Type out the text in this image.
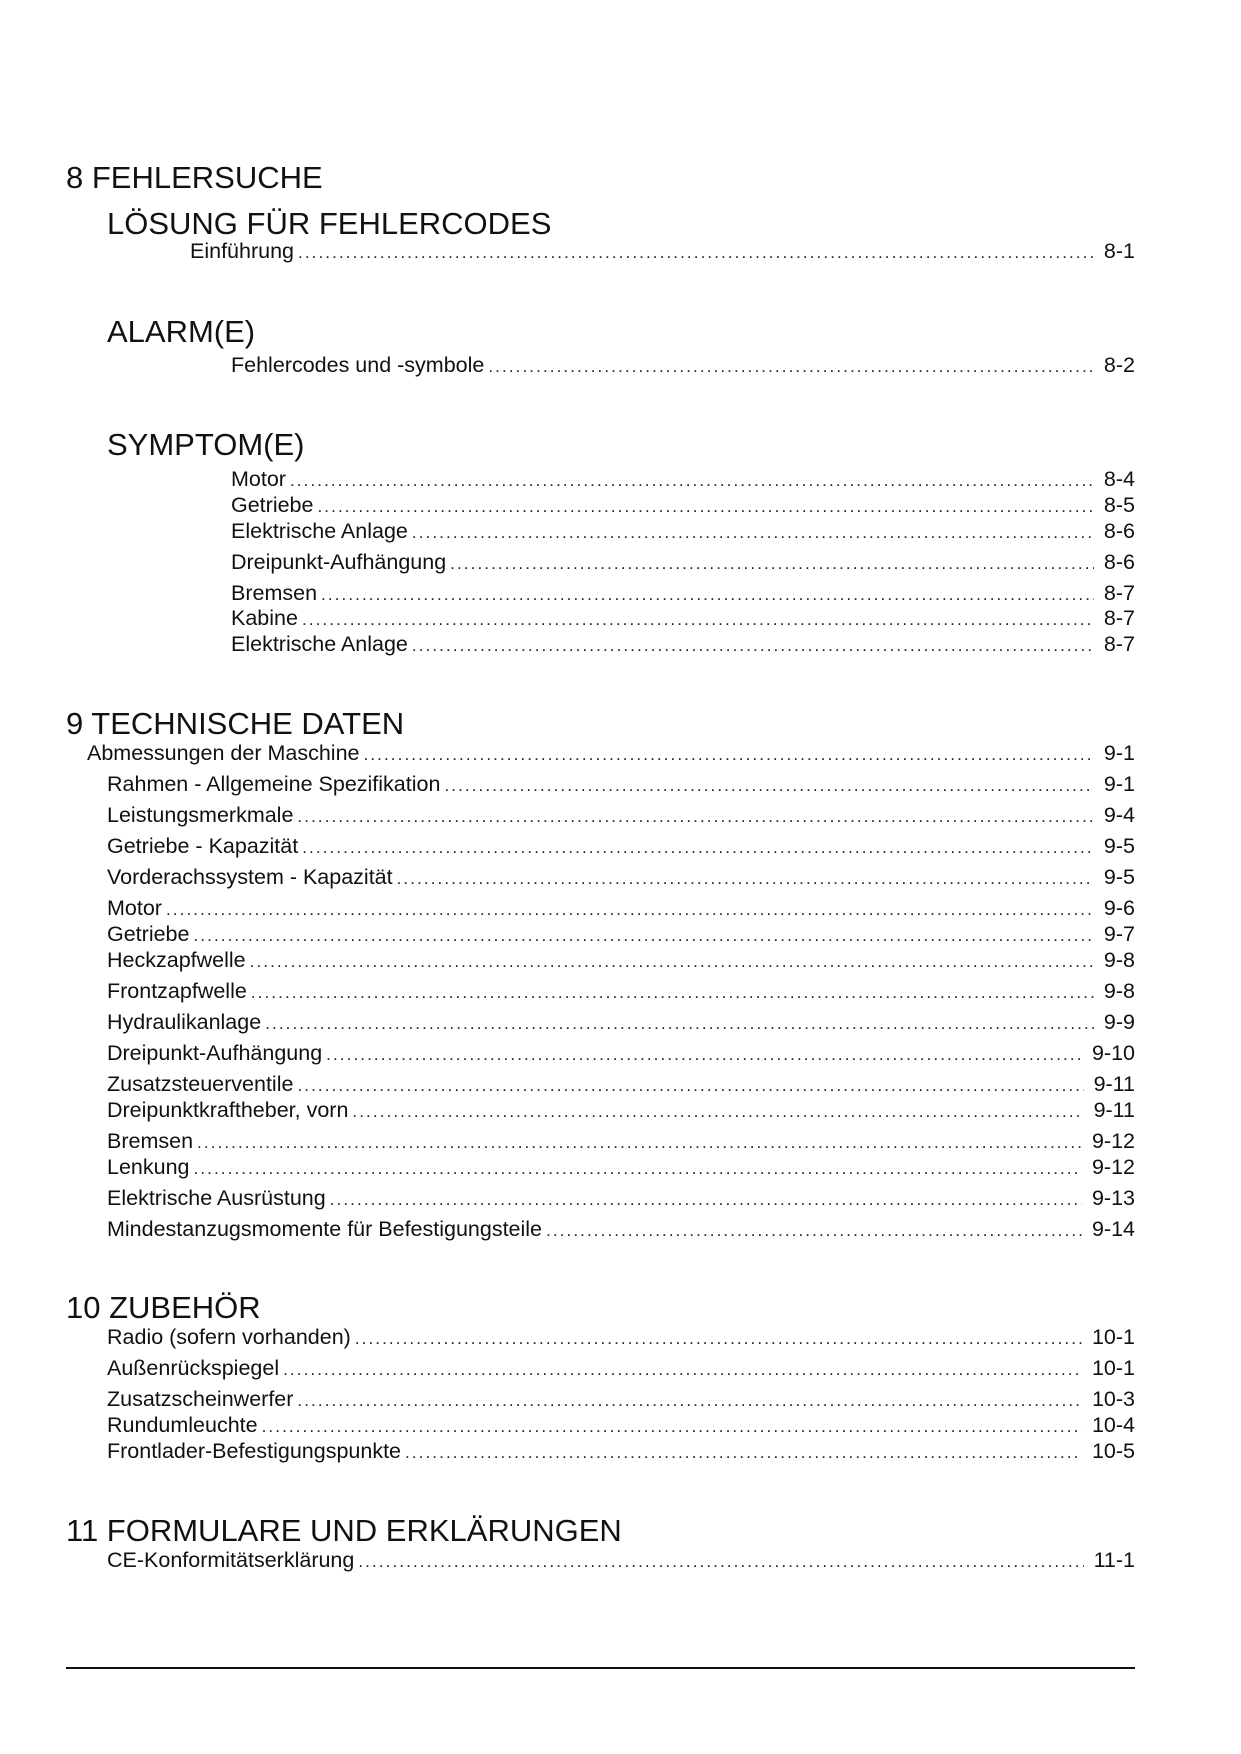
8 FEHLERSUCHE
LÖSUNG FÜR FEHLERCODES
Einführung .....	8-1
ALARM(E)
Fehlercodes und -symbole .....	8-2
SYMPTOM(E)
Motor .....	8-4
Getriebe .....	8-5
Elektrische Anlage .....	8-6
Dreipunkt-Aufhängung .....	8-6
Bremsen .....	8-7
Kabine .....	8-7
Elektrische Anlage .....	8-7
9 TECHNISCHE DATEN
Abmessungen der Maschine .....	9-1
Rahmen - Allgemeine Spezifikation .....	9-1
Leistungsmerkmale .....	9-4
Getriebe - Kapazität .....	9-5
Vorderachssystem - Kapazität .....	9-5
Motor .....	9-6
Getriebe .....	9-7
Heckzapfwelle .....	9-8
Frontzapfwelle .....	9-8
Hydraulikanlage .....	9-9
Dreipunkt-Aufhängung .....	9-10
Zusatzsteuerventile .....	9-11
Dreipunktkraftheber, vorn .....	9-11
Bremsen .....	9-12
Lenkung .....	9-12
Elektrische Ausrüstung .....	9-13
Mindestanzugsmomente für Befestigungsteile .....	9-14
10 ZUBEHÖR
Radio (sofern vorhanden) .....	10-1
Außenrückspiegel .....	10-1
Zusatzscheinwerfer .....	10-3
Rundumleuchte .....	10-4
Frontlader-Befestigungspunkte .....	10-5
11 FORMULARE UND ERKLÄRUNGEN
CE-Konformitätserklärung .....	11-1
